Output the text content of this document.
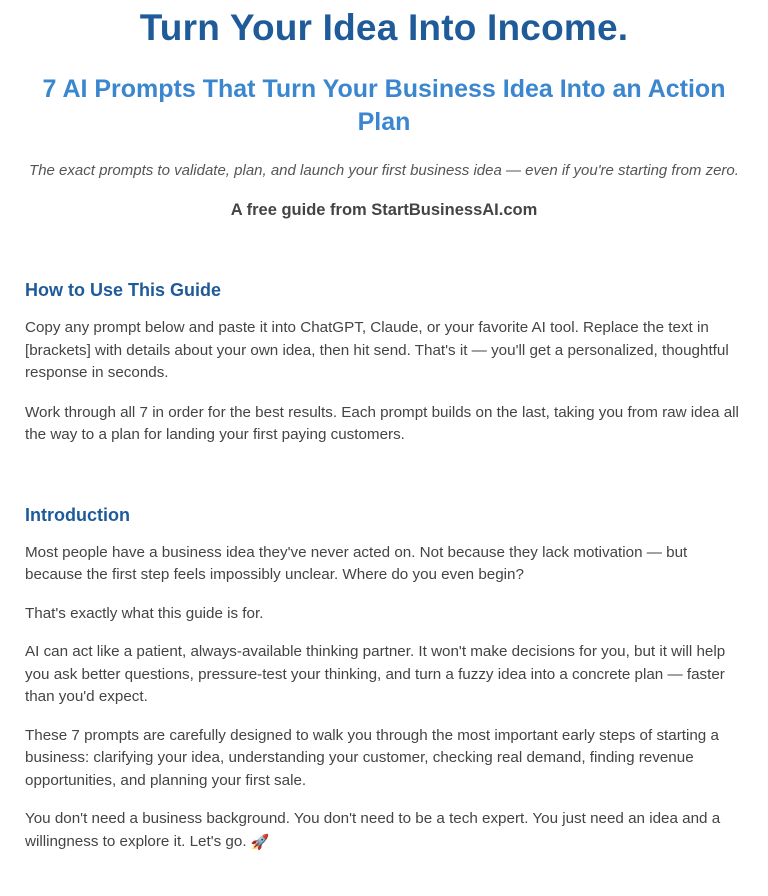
Turn Your Idea Into Income.
7 AI Prompts That Turn Your Business Idea Into an Action Plan

The exact prompts to validate, plan, and launch your first business idea — even if you're starting from zero.

A free guide from StartBusinessAI.com

How to Use This Guide

Copy any prompt below and paste it into ChatGPT, Claude, or your favorite AI tool. Replace the text in [brackets] with details about your own idea, then hit send. That's it — you'll get a personalized, thoughtful response in seconds.

Work through all 7 in order for the best results. Each prompt builds on the last, taking you from raw idea all the way to a plan for landing your first paying customers.

Introduction

Most people have a business idea they've never acted on. Not because they lack motivation — but because the first step feels impossibly unclear. Where do you even begin?

That's exactly what this guide is for.

AI can act like a patient, always-available thinking partner. It won't make decisions for you, but it will help you ask better questions, pressure-test your thinking, and turn a fuzzy idea into a concrete plan — faster than you'd expect.

These 7 prompts are carefully designed to walk you through the most important early steps of starting a business: clarifying your idea, understanding your customer, checking real demand, finding revenue opportunities, and planning your first sale.

You don't need a business background. You don't need to be a tech expert. You just need an idea and a willingness to explore it. Let's go. 🚀
